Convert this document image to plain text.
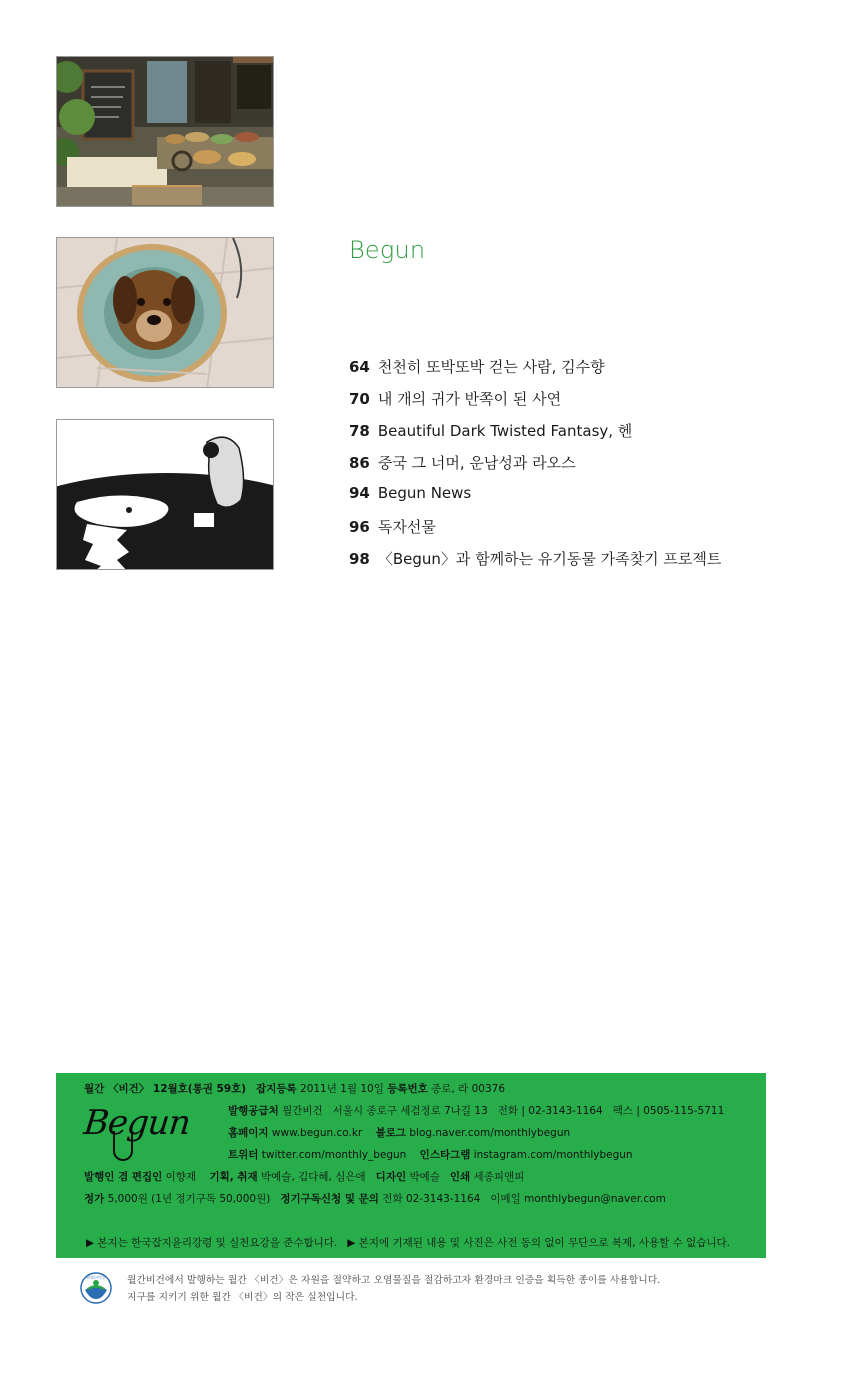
Begun
64 천천히 또박또박 걷는 사람, 김수향
70 내 개의 귀가 반쪽이 된 사연
78 Beautiful Dark Twisted Fantasy, 헨
86 중국 그 너머, 운남성과 라오스
94 Begun News
96 독자선물
98 〈Begun〉과 함께하는 유기동물 가족찾기 프로젝트
Begun
월간 〈비건〉 12월호(통권 59호) 잡지등록 2011년 1월 10일 등록번호 종로, 라 00376
발행공급처 월간비건 서울시 종로구 세검정로 7나길 13 전화 | 02-3143-1164 팩스 | 0505-115-5711
홈페이지 www.begun.co.kr 블로그 blog.naver.com/monthlybegun
트위터 twitter.com/monthly_begun 인스타그램 instagram.com/monthlybegun
발행인 겸 편집인 이향재 기획, 취재 박예슬, 김다혜, 심은애 디자인 박예슬 인쇄 세종피앤피
정가 5,000원 (1년 정기구독 50,000원) 정기구독신청 및 문의 전화 02-3143-1164 이메일 monthlybegun@naver.com
▶ 본지는 한국잡지윤리강령 및 실천요강을 준수합니다. ▶ 본지에 기재된 내용 및 사진은 사전 동의 없이 무단으로 복제, 사용할 수 없습니다.
환경표지인증 월간비건에서 발행하는 월간 〈비건〉은 자원을 절약하고 오염물질을 절감하고자 환경마크 인증을 획득한 종이를 사용합니다.
지구를 지키기 위한 월간 〈비건〉의 작은 실천입니다.
